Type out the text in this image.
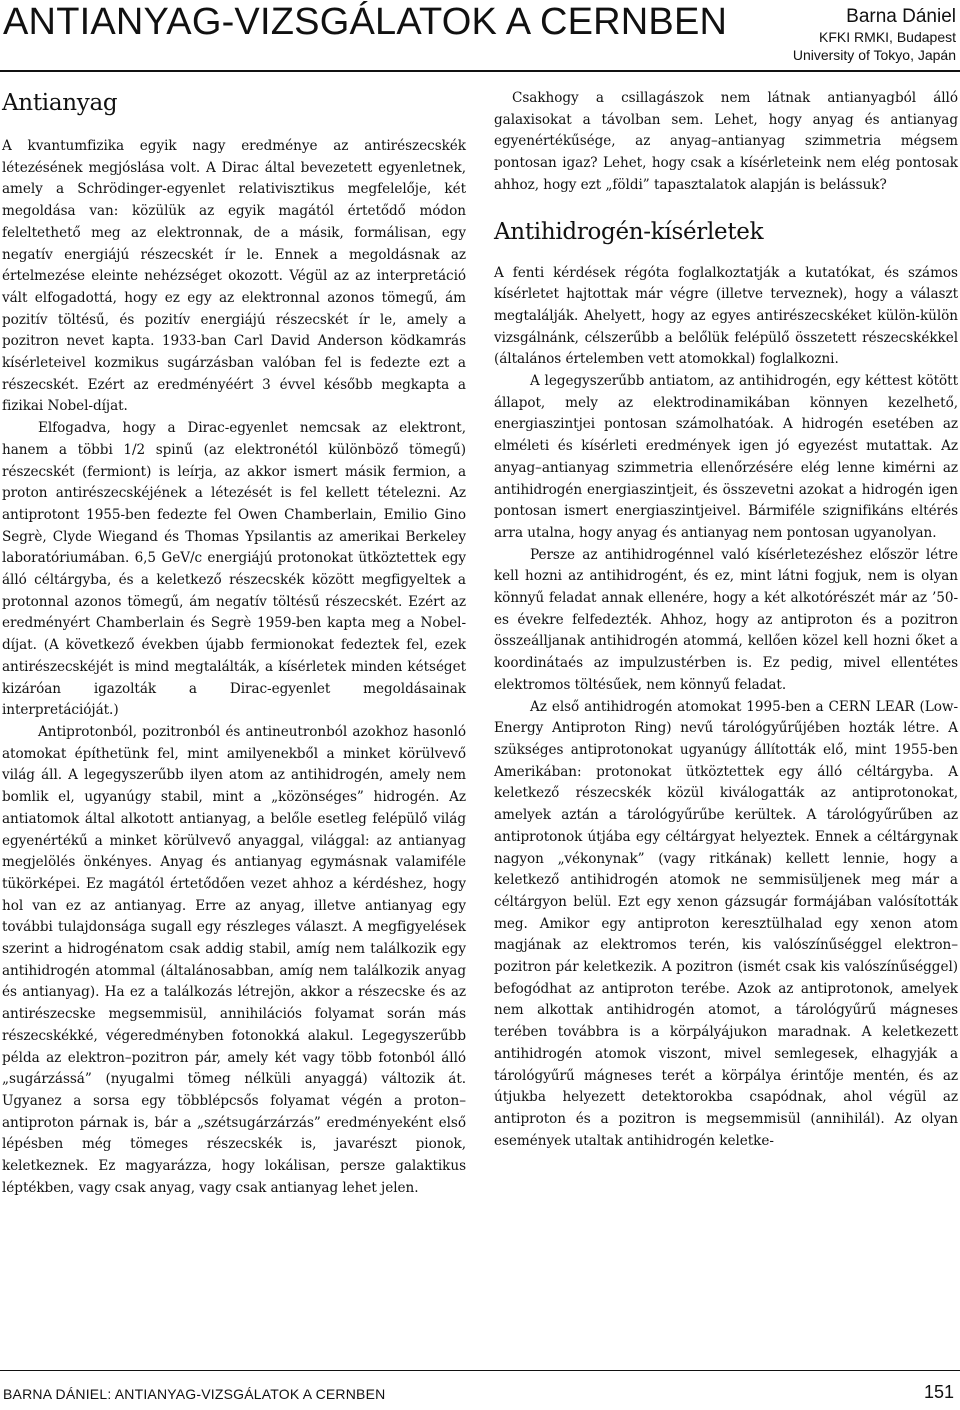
ANTIANYAG-VIZSGÁLATOK A CERNBEN	Barna Dániel
KFKI RMKI, Budapest
University of Tokyo, Japán
Antianyag

A kvantumfizika egyik nagy eredménye az antirészecskék létezésének megjóslása volt. A Dirac által bevezetett egyenletnek, amely a Schrödinger-egyenlet relativisztikus megfelelője, két megoldása van: közülük az egyik magától értetődő módon feleltethető meg az elektronnak, de a másik, formálisan, egy negatív energiájú részecskét ír le. Ennek a megoldásnak az értelmezése eleinte nehézséget okozott. Végül az az interpretáció vált elfogadottá, hogy ez egy az elektronnal azonos tömegű, ám pozitív töltésű, és pozitív energiájú részecskét ír le, amely a pozitron nevet kapta. 1933-ban Carl David Anderson ködkamrás kísérleteivel kozmikus sugárzásban valóban fel is fedezte ezt a részecskét. Ezért az eredményéért 3 évvel később megkapta a fizikai Nobel-díjat.

Elfogadva, hogy a Dirac-egyenlet nemcsak az elektront, hanem a többi 1/2 spinű (az elektronétól különböző tömegű) részecskét (fermiont) is leírja, az akkor ismert másik fermion, a proton antirészecskéjének a létezését is fel kellett tételezni. Az antiprotont 1955-ben fedezte fel Owen Chamberlain, Emilio Gino Segrè, Clyde Wiegand és Thomas Ypsilantis az amerikai Berkeley laboratóriumában. 6,5 GeV/c energiájú protonokat ütköztettek egy álló céltárgyba, és a keletkező részecskék között megfigyeltek a protonnal azonos tömegű, ám negatív töltésű részecskét. Ezért az eredményért Chamberlain és Segrè 1959-ben kapta meg a Nobel-díjat. (A következő években újabb fermionokat fedeztek fel, ezek antirészecskéjét is mind megtalálták, a kísérletek minden kétséget kizáróan igazolták a Dirac-egyenlet megoldásainak interpretációját.)

Antiprotonból, pozitronból és antineutronból azokhoz hasonló atomokat építhetünk fel, mint amilyenekből a minket körülvevő világ áll. A legegyszerűbb ilyen atom az antihidrogén, amely nem bomlik el, ugyanúgy stabil, mint a „közönséges” hidrogén. Az antiatomok által alkotott antianyag, a belőle esetleg felépülő világ egyenértékű a minket körülvevő anyaggal, világgal: az antianyag megjelölés önkényes. Anyag és antianyag egymásnak valamiféle tükörképei. Ez magától értetődően vezet ahhoz a kérdéshez, hogy hol van ez az antianyag. Erre az anyag, illetve antianyag egy további tulajdonsága sugall egy részleges választ. A megfigyelések szerint a hidrogénatom csak addig stabil, amíg nem találkozik egy antihidrogén atommal (általánosabban, amíg nem találkozik anyag és antianyag). Ha ez a találkozás létrejön, akkor a részecske és az antirészecske megsemmisül, annihilációs folyamat során más részecskékké, végeredményben fotonokká alakul. Legegyszerűbb példa az elektron–pozitron pár, amely két vagy több fotonból álló „sugárzássá” (nyugalmi tömeg nélküli anyaggá) változik át. Ugyanez a sorsa egy többlépcsős folyamat végén a proton–antiproton párnak is, bár a „szétsugárzárzás” eredményeként első lépésben még tömeges részecskék is, javarészt pionok, keletkeznek. Ez magyarázza, hogy lokálisan, persze galaktikus léptékben, vagy csak anyag, vagy csak antianyag lehet jelen.

Csakhogy a csillagászok nem látnak antianyagból álló galaxisokat a távolban sem. Lehet, hogy anyag és antianyag egyenértékűsége, az anyag–antianyag szimmetria mégsem pontosan igaz? Lehet, hogy csak a kísérleteink nem elég pontosak ahhoz, hogy ezt „földi” tapasztalatok alapján is belássuk?

Antihidrogén-kísérletek

A fenti kérdések régóta foglalkoztatják a kutatókat, és számos kísérletet hajtottak már végre (illetve terveznek), hogy a választ megtalálják. Ahelyett, hogy az egyes antirészecskéket külön-külön vizsgálnánk, célszerűbb a belőlük felépülő összetett részecskékkel (általános értelemben vett atomokkal) foglalkozni.

A legegyszerűbb antiatom, az antihidrogén, egy kéttest kötött állapot, mely az elektrodinamikában könnyen kezelhető, energiaszintjei pontosan számolhatóak. A hidrogén esetében az elméleti és kísérleti eredmények igen jó egyezést mutattak. Az anyag–antianyag szimmetria ellenőrzésére elég lenne kimérni az antihidrogén energiaszintjeit, és összevetni azokat a hidrogén igen pontosan ismert energiaszintjeivel. Bármiféle szignifikáns eltérés arra utalna, hogy anyag és antianyag nem pontosan ugyanolyan.

Persze az antihidrogénnel való kísérletezéshez először létre kell hozni az antihidrogént, és ez, mint látni fogjuk, nem is olyan könnyű feladat annak ellenére, hogy a két alkotórészét már az ’50-es évekre felfedezték. Ahhoz, hogy az antiproton és a pozitron összeálljanak antihidrogén atommá, kellően közel kell hozni őket a koordinátaés az impulzustérben is. Ez pedig, mivel ellentétes elektromos töltésűek, nem könnyű feladat.

Az első antihidrogén atomokat 1995-ben a CERN LEAR (Low-Energy Antiproton Ring) nevű tárológyűrűjében hozták létre. A szükséges antiprotonokat ugyanúgy állították elő, mint 1955-ben Amerikában: protonokat ütköztettek egy álló céltárgyba. A keletkező részecskék közül kiválogatták az antiprotonokat, amelyek aztán a tárológyűrűbe kerültek. A tárológyűrűben az antiprotonok útjába egy céltárgyat helyeztek. Ennek a céltárgynak nagyon „vékonynak” (vagy ritkának) kellett lennie, hogy a keletkező antihidrogén atomok ne semmisüljenek meg már a céltárgyon belül. Ezt egy xenon gázsugár formájában valósították meg. Amikor egy antiproton keresztülhalad egy xenon atom magjának az elektromos terén, kis valószínűséggel elektron–pozitron pár keletkezik. A pozitron (ismét csak kis valószínűséggel) befogódhat az antiproton terébe. Azok az antiprotonok, amelyek nem alkottak antihidrogén atomot, a tárológyűrű mágneses terében továbbra is a körpályájukon maradnak. A keletkezett antihidrogén atomok viszont, mivel semlegesek, elhagyják a tárológyűrű mágneses terét a körpálya érintője mentén, és az útjukba helyezett detektorokba csapódnak, ahol végül az antiproton és a pozitron is megsemmisül (annihilál). Az olyan események utaltak antihidrogén keletke-

BARNA DÁNIEL: ANTIANYAG-VIZSGÁLATOK A CERNBEN	151
